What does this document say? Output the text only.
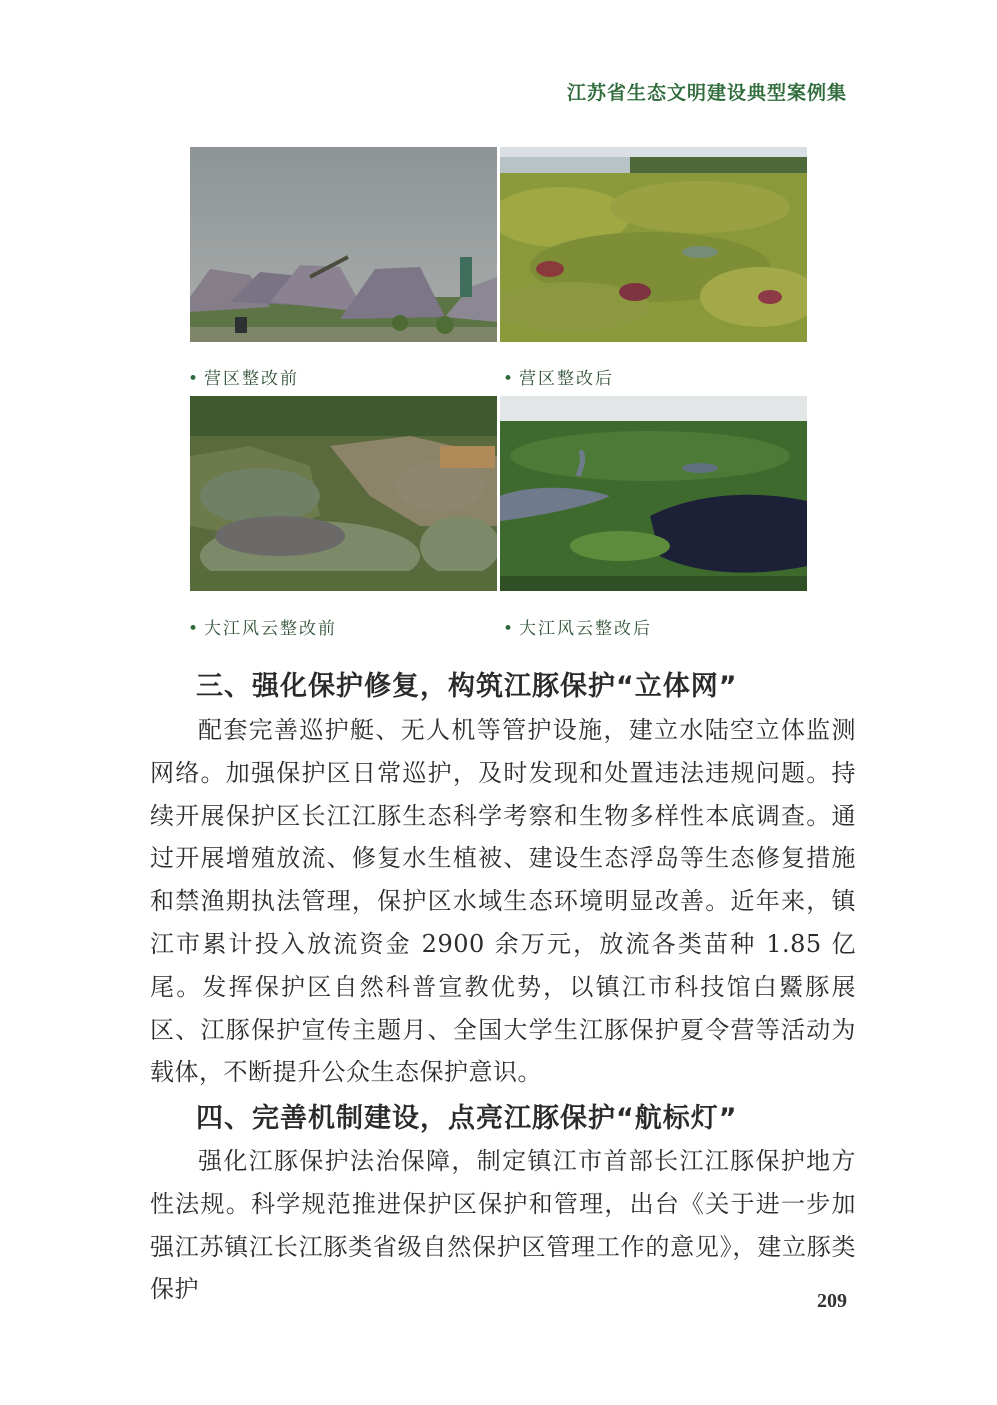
江苏省生态文明建设典型案例集
• 营区整改前	• 营区整改后
• 大江风云整改前	• 大江风云整改后
三、强化保护修复，构筑江豚保护“立体网”
配套完善巡护艇、无人机等管护设施，建立水陆空立体监测网络。加强保护区日常巡护，及时发现和处置违法违规问题。持续开展保护区长江江豚生态科学考察和生物多样性本底调查。通过开展增殖放流、修复水生植被、建设生态浮岛等生态修复措施和禁渔期执法管理，保护区水域生态环境明显改善。近年来，镇江市累计投入放流资金 2900 余万元，放流各类苗种 1.85 亿尾。发挥保护区自然科普宣教优势，以镇江市科技馆白鱀豚展区、江豚保护宣传主题月、全国大学生江豚保护夏令营等活动为载体，不断提升公众生态保护意识。
四、完善机制建设，点亮江豚保护“航标灯”
强化江豚保护法治保障，制定镇江市首部长江江豚保护地方性法规。科学规范推进保护区保护和管理，出台《关于进一步加强江苏镇江长江豚类省级自然保护区管理工作的意见》，建立豚类保护	209
